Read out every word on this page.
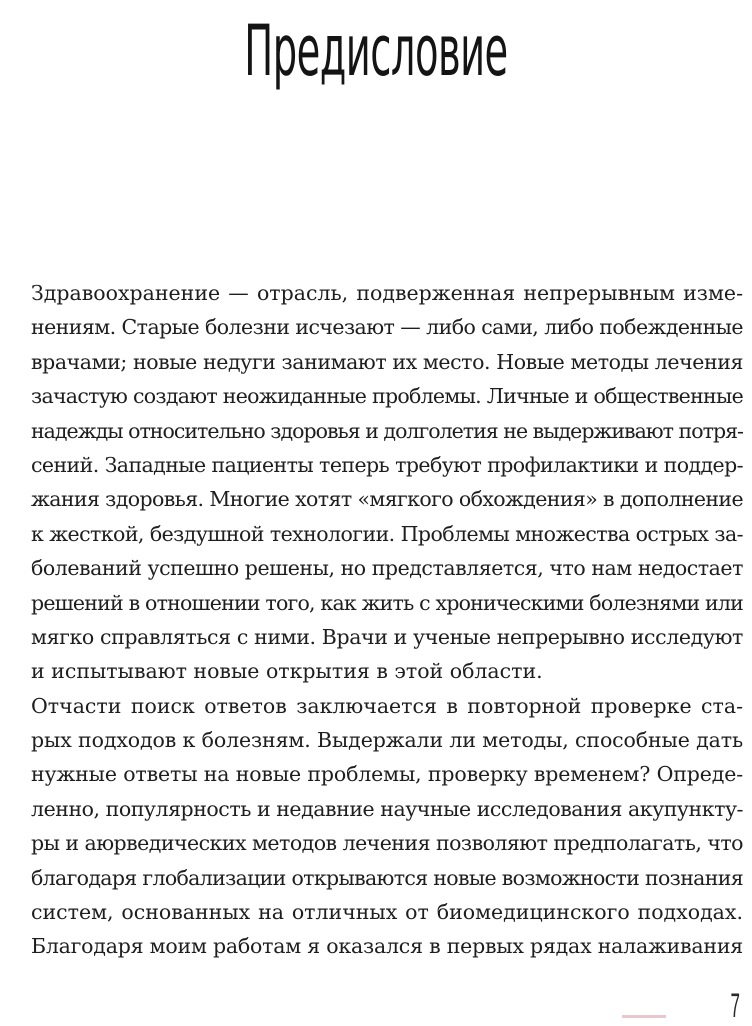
Предисловие
Здравоохранение — отрасль, подверженная непрерывным изме-
нениям. Старые болезни исчезают — либо сами, либо побежденные
врачами; новые недуги занимают их место. Новые методы лечения
зачастую создают неожиданные проблемы. Личные и общественные
надежды относительно здоровья и долголетия не выдерживают потря-
сений. Западные пациенты теперь требуют профилактики и поддер-
жания здоровья. Многие хотят «мягкого обхождения» в дополнение
к жесткой, бездушной технологии. Проблемы множества острых за-
болеваний успешно решены, но представляется, что нам недостает
решений в отношении того, как жить с хроническими болезнями или
мягко справляться с ними. Врачи и ученые непрерывно исследуют
и испытывают новые открытия в этой области.
Отчасти поиск ответов заключается в повторной проверке ста-
рых подходов к болезням. Выдержали ли методы, способные дать
нужные ответы на новые проблемы, проверку временем? Опреде-
ленно, популярность и недавние научные исследования акупункту-
ры и аюрведических методов лечения позволяют предполагать, что
благодаря глобализации открываются новые возможности познания
систем, основанных на отличных от биомедицинского подходах.
Благодаря моим работам я оказался в первых рядах налаживания
7
